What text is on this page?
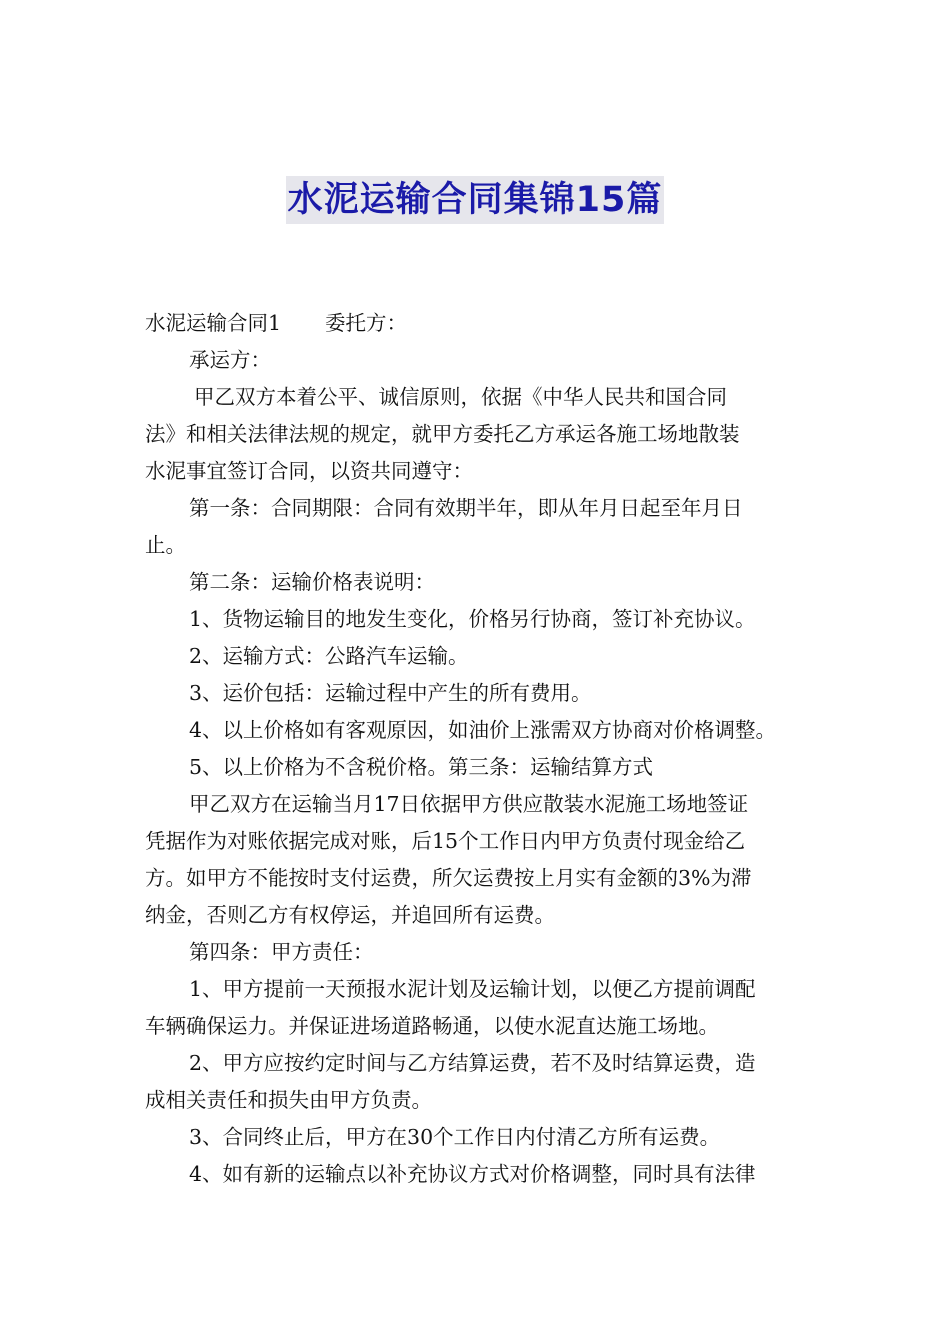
水泥运输合同集锦15篇

水泥运输合同1 委托方：

承运方：

甲乙双方本着公平、诚信原则，依据《中华人民共和国合同

法》和相关法律法规的规定，就甲方委托乙方承运各施工场地散装

水泥事宜签订合同，以资共同遵守：

第一条：合同期限：合同有效期半年，即从年月日起至年月日

止。

第二条：运输价格表说明：

1、货物运输目的地发生变化，价格另行协商，签订补充协议。

2、运输方式：公路汽车运输。

3、运价包括：运输过程中产生的所有费用。

4、以上价格如有客观原因，如油价上涨需双方协商对价格调整。

5、以上价格为不含税价格。第三条：运输结算方式

甲乙双方在运输当月17日依据甲方供应散装水泥施工场地签证

凭据作为对账依据完成对账，后15个工作日内甲方负责付现金给乙

方。如甲方不能按时支付运费，所欠运费按上月实有金额的3%为滞

纳金，否则乙方有权停运，并追回所有运费。

第四条：甲方责任：

1、甲方提前一天预报水泥计划及运输计划，以便乙方提前调配

车辆确保运力。并保证进场道路畅通，以使水泥直达施工场地。

2、甲方应按约定时间与乙方结算运费，若不及时结算运费，造

成相关责任和损失由甲方负责。

3、合同终止后，甲方在30个工作日内付清乙方所有运费。

4、如有新的运输点以补充协议方式对价格调整，同时具有法律
